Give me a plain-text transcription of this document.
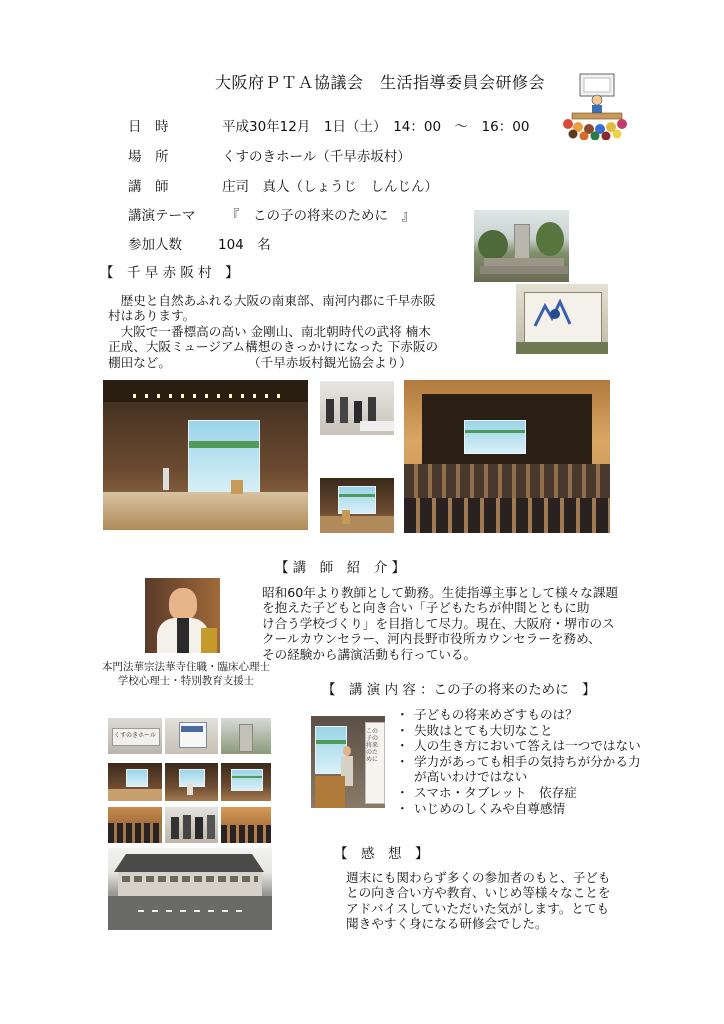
大阪府ＰＴＡ協議会　生活指導委員会研修会
日　時	平成30年12月　1日（土）　14：00　～　16：00
場　所	くすのきホール（千早赤坂村）
講　師	庄司　真人（しょうじ　しんじん）
講演テーマ 『　この子の将来のために　』
参加人数	104　名
【　千 早 赤 阪 村　】
　歴史と自然あふれる大阪の南東部、南河内郡に千早赤阪
村はあります。
　大阪で一番標高の高い 金剛山、南北朝時代の武将 楠木
正成、大阪ミュージアム構想のきっかけになった 下赤阪の
棚田など。	（千早赤坂村観光協会より）
【 講　師　紹　介 】
本門法華宗法華寺住職・臨床心理士
学校心理士・特別教育支援士
昭和60年より教師として勤務。生徒指導主事として様々な課題
を抱えた子どもと向き合い「子どもたちが仲間とともに助
け合う学校づくり」を目指して尽力。現在、大阪府・堺市のス
クールカウンセラー、河内長野市役所カウンセラーを務め、
その経験から講演活動も行っている。
【　講 演 内 容 ：この子の将来のために　】
この子の将来のために
・ 子どもの将来めざすものは？
・ 失敗はとても大切なこと
・ 人の生き方において答えは一つではない
・ 学力があっても相手の気持ちが分かる力
が高いわけではない
・ スマホ・タブレット　依存症
・ いじめのしくみや自尊感情
くすのきホール
【　感　想　】
週末にも関わらず多くの参加者のもと、子ども
との向き合い方や教育、いじめ等様々なことを
アドバイスしていただいた気がします。とても
聞きやすく身になる研修会でした。
